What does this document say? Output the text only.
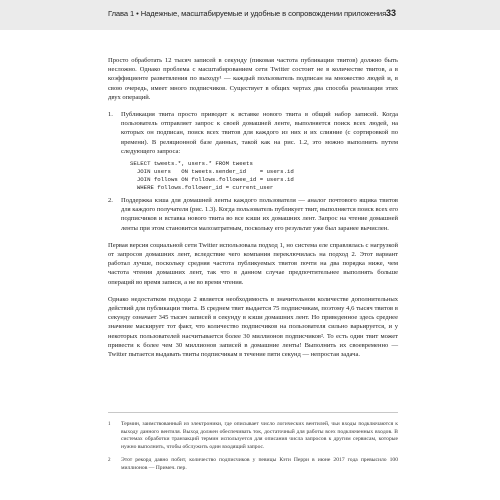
Глава 1 • Надежные, масштабируемые и удобные в сопровождении приложения 33

Просто обработать 12 тысяч записей в секунду (пиковая частота публикации твитов) должно быть несложно. Однако проблема с масштабированием сети Twitter состоит не в количестве твитов, а в коэффициенте разветвления по выходу¹ — каждый пользователь подписан на множество людей и, в свою очередь, имеет много подписчиков. Существует в общих чертах два способа реализации этих двух операций.

1. Публикация твита просто приводит к вставке нового твита в общий набор записей. Когда пользователь отправляет запрос к своей домашней ленте, выполняется поиск всех людей, на которых он подписан, поиск всех твитов для каждого из них и их слияние (с сортировкой по времени). В реляционной базе данных, такой как на рис. 1.2, это можно выполнить путем следующего запроса:
SELECT tweets.*, users.* FROM tweets
JOIN users   ON tweets.sender_id    = users.id
JOIN follows ON follows.followee_id = users.id
WHERE follows.follower_id = current_user
2. Поддержка кэша для домашней ленты каждого пользователя — аналог почтового ящика твитов для каждого получателя (рис. 1.3). Когда пользователь публикует твит, выполняется поиск всех его подписчиков и вставка нового твита во все кэши их домашних лент. Запрос на чтение домашней ленты при этом становится малозатратным, поскольку его результат уже был заранее вычислен.

Первая версия социальной сети Twitter использовала подход 1, но система еле справлялась с нагрузкой от запросов домашних лент, вследствие чего компания переключилась на подход 2. Этот вариант работал лучше, поскольку средняя частота публикуемых твитов почти на два порядка ниже, чем частота чтения домашних лент, так что в данном случае предпочтительнее выполнять больше операций во время записи, а не во время чтения.

Однако недостатком подхода 2 является необходимость в значительном количестве дополнительных действий для публикации твита. В среднем твит выдается 75 подписчикам, поэтому 4,6 тысяч твитов в секунду означает 345 тысяч записей в секунду в кэши домашних лент. Но приведенное здесь среднее значение маскирует тот факт, что количество подписчиков на пользователя сильно варьируется, и у некоторых пользователей насчитывается более 30 миллионов подписчиков². То есть один твит может привести к более чем 30 миллионов записей в домашние ленты! Выполнить их своевременно — Twitter пытается выдавать твиты подписчикам в течение пяти секунд — непростая задача.

1 Термин, заимствованный из электроники, где описывает число логических вентилей, чьи входы подключаются к выходу данного вентиля. Выход должен обеспечивать ток, достаточный для работы всех подключенных входов. В системах обработки транзакций термин используется для описания числа запросов к другим сервисам, которые нужно выполнить, чтобы обслужить один входящий запрос.
2 Этот рекорд давно побит, количество подписчиков у певицы Кэти Перри в июне 2017 года превысило 100 миллионов — Примеч. пер.
